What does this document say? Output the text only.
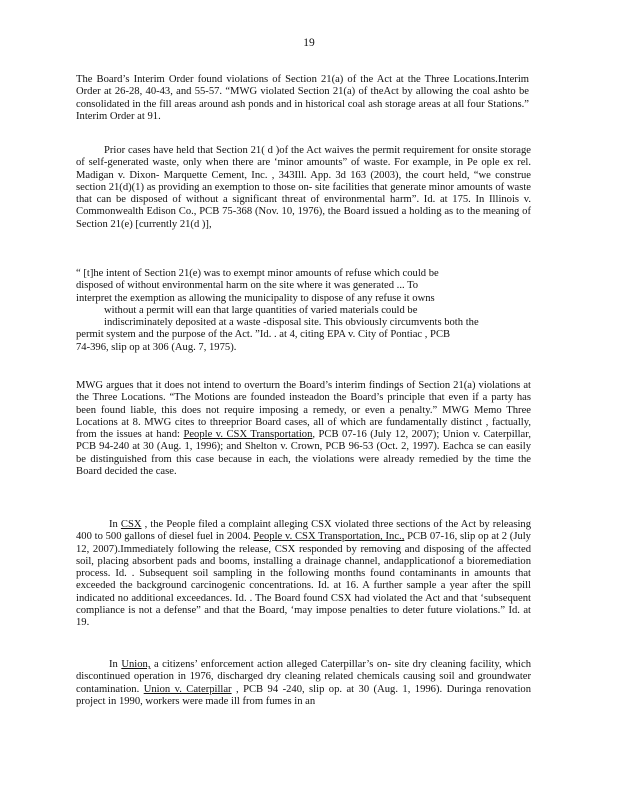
19

The Board’s Interim Order found violations of Section 21(a) of the Act at the Three Locations.Interim Order at 26-28, 40-43, and 55-57. “MWG violated Section 21(a) of theAct by allowing the coal ashto be consolidated in the fill areas around ash ponds and in historical coal ash storage areas at all four Stations.” Interim Order at 91.

Prior cases have held that Section 21( d )of the Act waives the permit requirement for onsite storage of self-generated waste, only when there are ‘minor amounts” of waste. For example, in Pe ople ex rel. Madigan v. Dixon- Marquette Cement, Inc. , 343Ill. App. 3d 163 (2003), the court held, “we construe section 21(d)(1) as providing an exemption to those on- site facilities that generate minor amounts of waste that can be disposed of without a significant threat of environmental harm”. Id. at 175. In Illinois v. Commonwealth Edison Co., PCB 75-368 (Nov. 10, 1976), the Board issued a holding as to the meaning of Section 21(e) [currently 21(d )],

“ [t]he intent of Section 21(e) was to exempt minor amounts of refuse which could be
disposed of without environmental harm on the site where it was generated ... To
interpret the exemption as allowing the municipality to dispose of any refuse it owns
without a permit will ean that large quantities of varied materials could be
indiscriminately deposited at a waste -disposal site. This obviously circumvents both the
permit system and the purpose of the Act. ”Id. . at 4, citing EPA v. City of Pontiac , PCB
74-396, slip op at 306 (Aug. 7, 1975).

MWG argues that it does not intend to overturn the Board’s interim findings of Section 21(a) violations at the Three Locations. “The Motions are founded insteadon the Board’s principle that even if a party has been found liable, this does not require imposing a remedy, or even a penalty.” MWG Memo Three Locations at 8. MWG cites to threeprior Board cases, all of which are fundamentally distinct , factually, from the issues at hand: People v. CSX Transportation, PCB 07-16 (July 12, 2007); Union v. Caterpillar, PCB 94-240 at 30 (Aug. 1, 1996); and Shelton v. Crown, PCB 96-53 (Oct. 2, 1997). Eachca se can easily be distinguished from this case because in each, the violations were already remedied by the time the Board decided the case.

In CSX , the People filed a complaint alleging CSX violated three sections of the Act by releasing 400 to 500 gallons of diesel fuel in 2004. People v. CSX Transportation, Inc., PCB 07-16, slip op at 2 (July 12, 2007).Immediately following the release, CSX responded by removing and disposing of the affected soil, placing absorbent pads and booms, installing a drainage channel, andapplicationof a bioremediation process. Id. . Subsequent soil sampling in the following months found contaminants in amounts that exceeded the background carcinogenic concentrations. Id. at 16. A further sample a year after the spill indicated no additional exceedances. Id. . The Board found CSX had violated the Act and that ‘subsequent compliance is not a defense” and that the Board, ‘may impose penalties to deter future violations.” Id. at 19.

In Union, a citizens’ enforcement action alleged Caterpillar’s on- site dry cleaning facility, which discontinued operation in 1976, discharged dry cleaning related chemicals causing soil and groundwater contamination. Union v. Caterpillar , PCB 94 -240, slip op. at 30 (Aug. 1, 1996). Duringa renovation project in 1990, workers were made ill from fumes in an
